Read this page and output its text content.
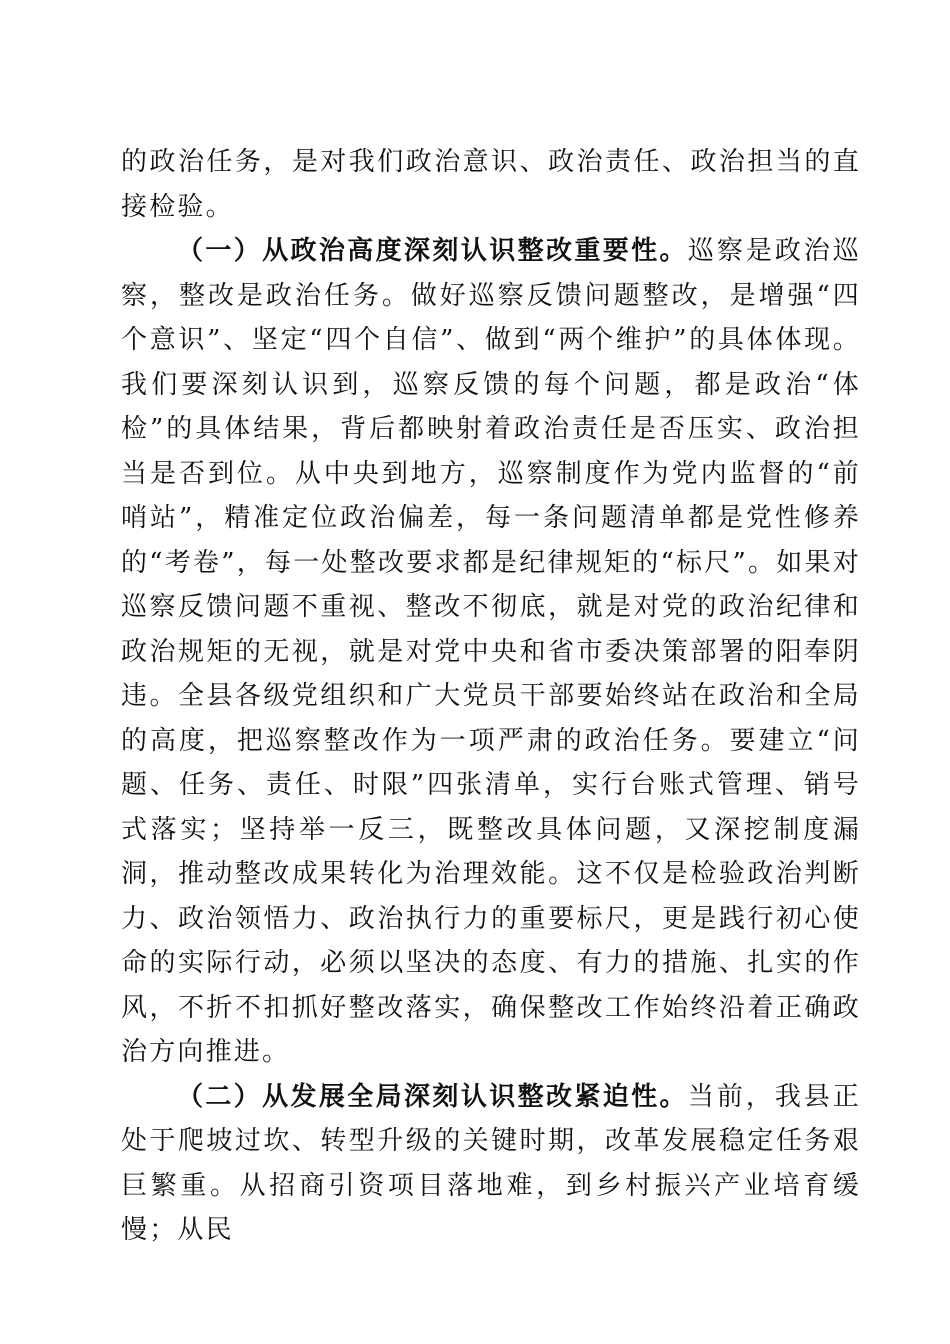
的政治任务，是对我们政治意识、政治责任、政治担当的直接检验。

（一）从政治高度深刻认识整改重要性。巡察是政治巡察，整改是政治任务。做好巡察反馈问题整改，是增强“四个意识”、坚定“四个自信”、做到“两个维护”的具体体现。我们要深刻认识到，巡察反馈的每个问题，都是政治“体检”的具体结果，背后都映射着政治责任是否压实、政治担当是否到位。从中央到地方，巡察制度作为党内监督的“前哨站”，精准定位政治偏差，每一条问题清单都是党性修养的“考卷”，每一处整改要求都是纪律规矩的“标尺”。如果对巡察反馈问题不重视、整改不彻底，就是对党的政治纪律和政治规矩的无视，就是对党中央和省市委决策部署的阳奉阴违。全县各级党组织和广大党员干部要始终站在政治和全局的高度，把巡察整改作为一项严肃的政治任务。要建立“问题、任务、责任、时限”四张清单，实行台账式管理、销号式落实；坚持举一反三，既整改具体问题，又深挖制度漏洞，推动整改成果转化为治理效能。这不仅是检验政治判断力、政治领悟力、政治执行力的重要标尺，更是践行初心使命的实际行动，必须以坚决的态度、有力的措施、扎实的作风，不折不扣抓好整改落实，确保整改工作始终沿着正确政治方向推进。

（二）从发展全局深刻认识整改紧迫性。当前，我县正处于爬坡过坎、转型升级的关键时期，改革发展稳定任务艰巨繁重。从招商引资项目落地难，到乡村振兴产业培育缓慢；从民
